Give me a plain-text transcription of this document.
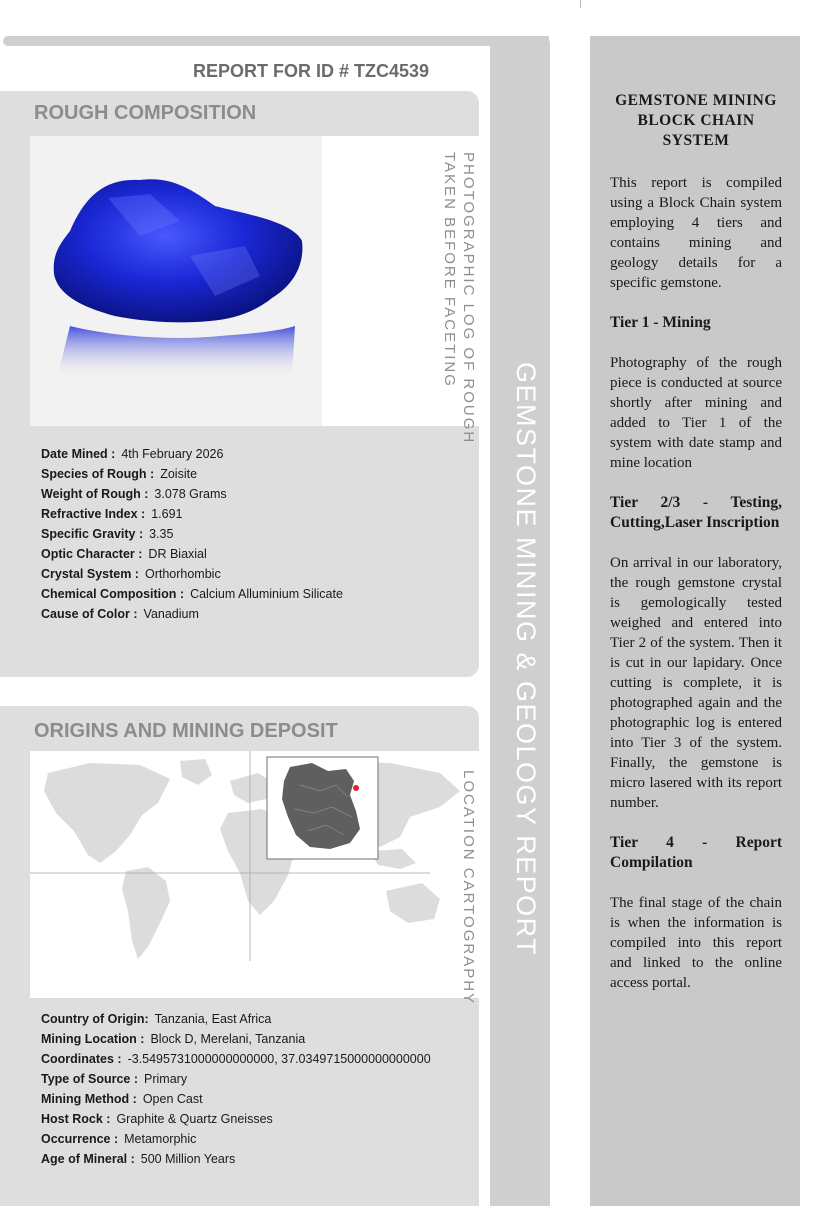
GEMSTONE MINING & GEOLOGY REPORT
REPORT FOR ID # TZC4539
ROUGH COMPOSITION
PHOTOGRAPHIC LOG OF ROUGH
TAKEN BEFORE FACETING
Date Mined : 4th February 2026
Species of Rough : Zoisite
Weight of Rough : 3.078 Grams
Refractive Index : 1.691
Specific Gravity : 3.35
Optic Character : DR Biaxial
Crystal System : Orthorhombic
Chemical Composition : Calcium Alluminium Silicate
Cause of Color : Vanadium
ORIGINS AND MINING DEPOSIT
LOCATION CARTOGRAPHY
Country of Origin: Tanzania, East Africa
Mining Location : Block D, Merelani, Tanzania
Coordinates : -3.5495731000000000000, 37.0349715000000000000
Type of Source : Primary
Mining Method : Open Cast
Host Rock : Graphite & Quartz Gneisses
Occurrence : Metamorphic
Age of Mineral : 500 Million Years
GEMSTONE MINING BLOCK CHAIN SYSTEM

This report is compiled using a Block Chain system employing 4 tiers and contains mining and geology details for a specific gemstone.

Tier 1 - Mining

Photography of the rough piece is conducted at source shortly after mining and added to Tier 1 of the system with date stamp and mine location

Tier 2/3 - Testing, Cutting,Laser Inscription

On arrival in our laboratory, the rough gemstone crystal is gemologically tested weighed and entered into Tier 2 of the system. Then it is cut in our lapidary. Once cutting is complete, it is photographed again and the photographic log is entered into Tier 3 of the system. Finally, the gemstone is micro lasered with its report number.

Tier 4 - Report Compilation

The final stage of the chain is when the information is compiled into this report and linked to the online access portal.
